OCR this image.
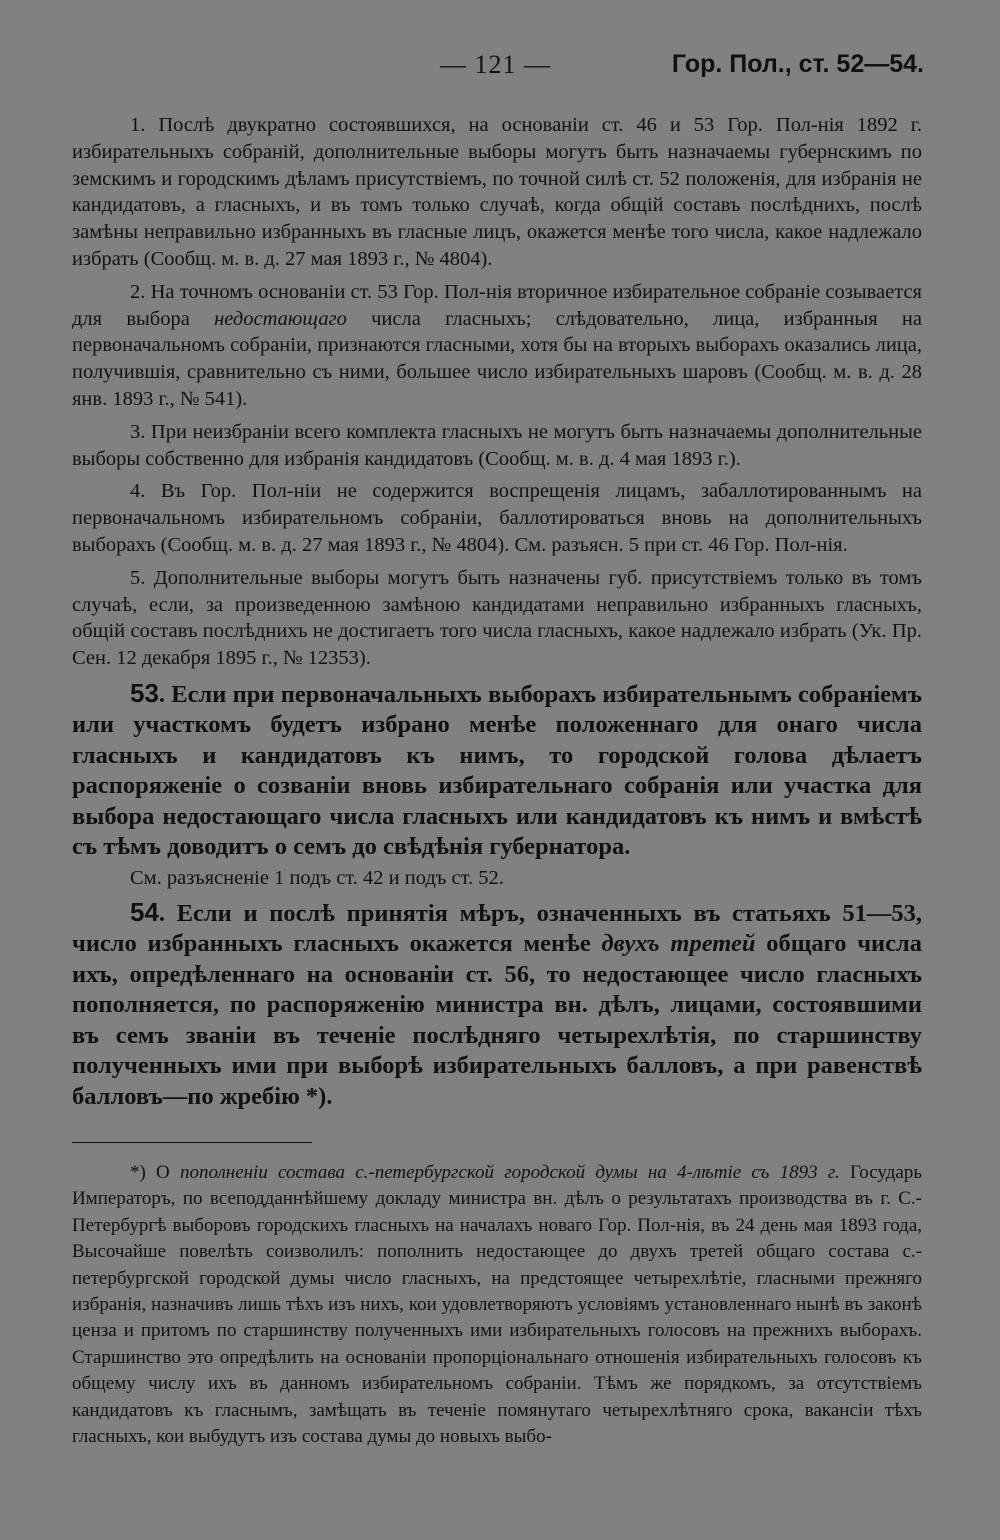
— 121 —	Гор. Пол., ст. 52—54.

1. Послѣ двукратно состоявшихся, на основаніи ст. 46 и 53 Гор. Пол-нія 1892 г. избирательныхъ собраній, дополнительные выборы могутъ быть назначаемы губернскимъ по земскимъ и городскимъ дѣламъ присутствіемъ, по точной силѣ ст. 52 положенія, для избранія не кандидатовъ, а гласныхъ, и въ томъ только случаѣ, когда общій составъ послѣднихъ, послѣ замѣны неправильно избранныхъ въ гласные лицъ, окажется менѣе того числа, какое надлежало избрать (Сообщ. м. в. д. 27 мая 1893 г., № 4804).

2. На точномъ основаніи ст. 53 Гор. Пол-нія вторичное избирательное собраніе созывается для выбора недостающаго числа гласныхъ; слѣдовательно, лица, избранныя на первоначальномъ собраніи, признаются гласными, хотя бы на вторыхъ выборахъ оказались лица, получившія, сравнительно съ ними, большее число избирательныхъ шаровъ (Сообщ. м. в. д. 28 янв. 1893 г., № 541).

3. При неизбраніи всего комплекта гласныхъ не могутъ быть назначаемы дополнительные выборы собственно для избранія кандидатовъ (Сообщ. м. в. д. 4 мая 1893 г.).

4. Въ Гор. Пол-ніи не содержится воспрещенія лицамъ, забаллотированнымъ на первоначальномъ избирательномъ собраніи, баллотироваться вновь на дополнительныхъ выборахъ (Сообщ. м. в. д. 27 мая 1893 г., № 4804). См. разъясн. 5 при ст. 46 Гор. Пол-нія.

5. Дополнительные выборы могутъ быть назначены губ. присутствіемъ только въ томъ случаѣ, если, за произведенною замѣною кандидатами неправильно избранныхъ гласныхъ, общій составъ послѣднихъ не достигаетъ того числа гласныхъ, какое надлежало избрать (Ук. Пр. Сен. 12 декабря 1895 г., № 12353).

53. Если при первоначальныхъ выборахъ избирательнымъ собраніемъ или участкомъ будетъ избрано менѣе положеннаго для онаго числа гласныхъ и кандидатовъ къ нимъ, то городской голова дѣлаетъ распоряженіе о созваніи вновь избирательнаго собранія или участка для выбора недостающаго числа гласныхъ или кандидатовъ къ нимъ и вмѣстѣ съ тѣмъ доводитъ о семъ до свѣдѣнія губернатора.

См. разъясненіе 1 подъ ст. 42 и подъ ст. 52.

54. Если и послѣ принятія мѣръ, означенныхъ въ статьяхъ 51—53, число избранныхъ гласныхъ окажется менѣе двухъ третей общаго числа ихъ, опредѣленнаго на основаніи ст. 56, то недостающее число гласныхъ пополняется, по распоряженію министра вн. дѣлъ, лицами, состоявшими въ семъ званіи въ теченіе послѣдняго четырехлѣтія, по старшинству полученныхъ ими при выборѣ избирательныхъ балловъ, а при равенствѣ балловъ—по жребію *).

*) О пополненіи состава с.-петербургской городской думы на 4-лѣтіе съ 1893 г. Государь Императоръ, по всеподданнѣйшему докладу министра вн. дѣлъ о результатахъ производства въ г. С.-Петербургѣ выборовъ городскихъ гласныхъ на началахъ новаго Гор. Пол-нія, въ 24 день мая 1893 года, Высочайше повелѣть соизволилъ: пополнить недостающее до двухъ третей общаго состава с.-петербургской городской думы число гласныхъ, на предстоящее четырехлѣтіе, гласными прежняго избранія, назначивъ лишь тѣхъ изъ нихъ, кои удовлетворяютъ условіямъ установленнаго нынѣ въ законѣ ценза и притомъ по старшинству полученныхъ ими избирательныхъ голосовъ на прежнихъ выборахъ. Старшинство это опредѣлить на основаніи пропорціональнаго отношенія избирательныхъ голосовъ къ общему числу ихъ въ данномъ избирательномъ собраніи. Тѣмъ же порядкомъ, за отсутствіемъ кандидатовъ къ гласнымъ, замѣщать въ теченіе помянутаго четырехлѣтняго срока, вакансіи тѣхъ гласныхъ, кои выбудутъ изъ состава думы до новыхъ выбо-
